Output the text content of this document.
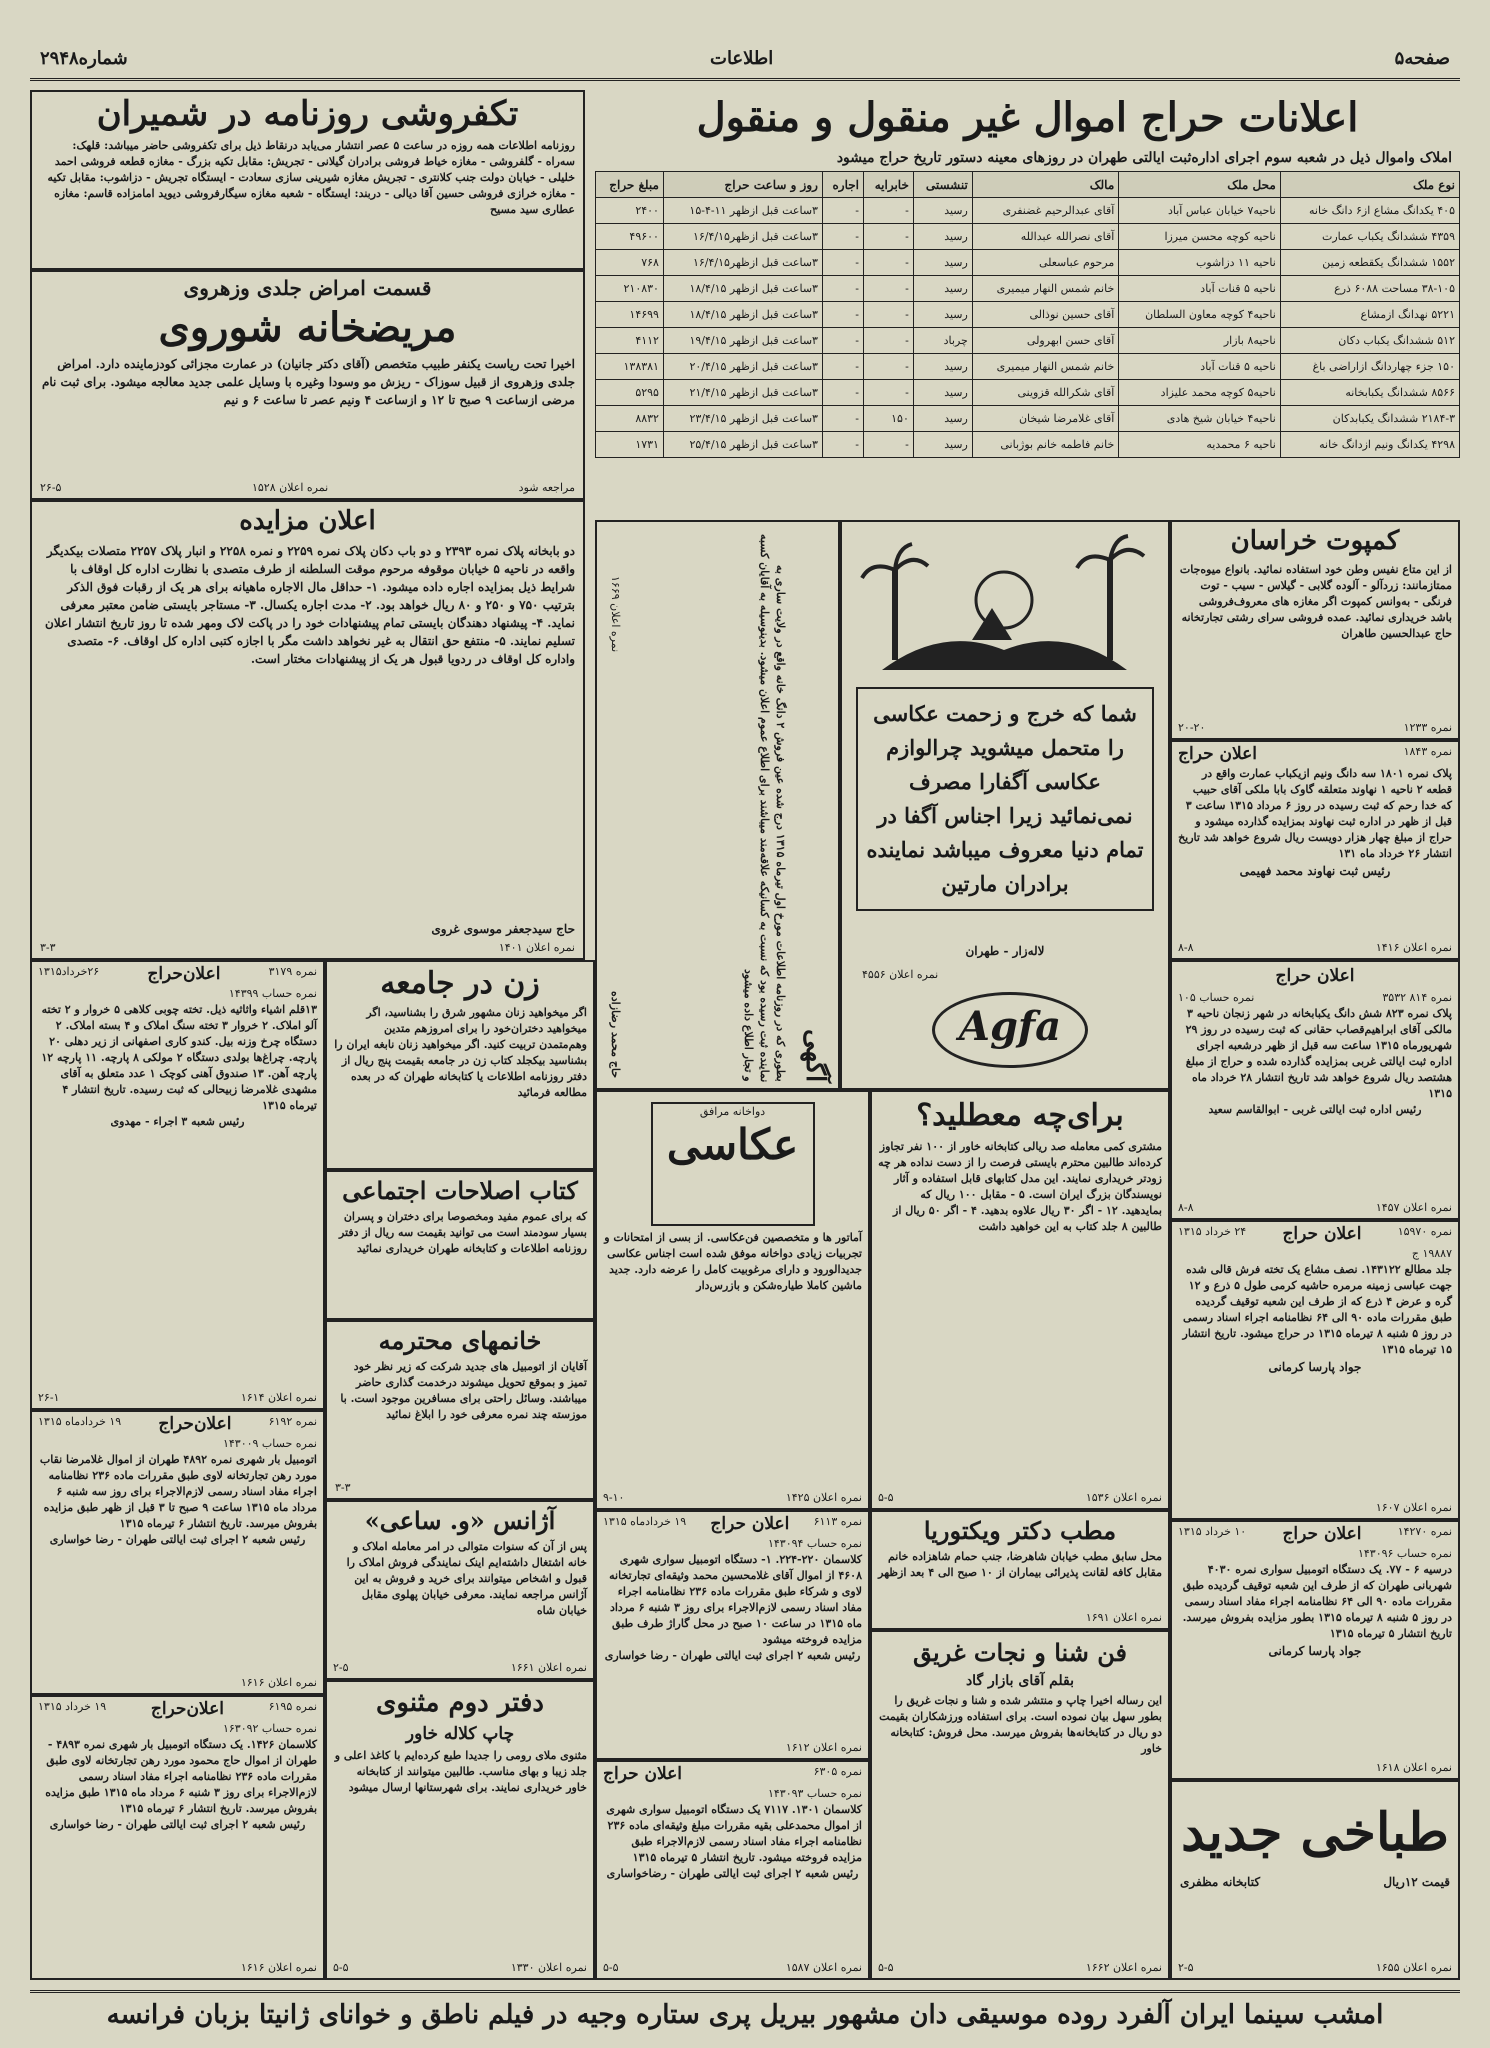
صفحه۵
اطلاعات
شماره۲۹۴۸
اعلانات حراج اموال غیر منقول و منقول
املاک واموال ذیل در شعبه سوم اجرای اداره‌ثبت ایالتی طهران در روزهای معینه دستور تاریخ حراج میشود
نوع ملک	محل ملک	مالک	تنشستی	خابرایه	اجاره	روز و ساعت حراج	مبلغ حراج
۴۰۵ یکدانگ مشاع از۶ دانگ خانه	ناحیه۷ خیابان عباس آباد	آقای عبدالرحیم غضنفری	رسید	-	-	۳ساعت قبل ازظهر ۱۱-۴-۱۵	۲۴۰۰
۴۳۵۹ ششدانگ یکباب عمارت	ناحیه کوچه محسن میرزا	آقای نصرالله عبدالله	رسید	-	-	۳ساعت قبل ازظهر۱۶/۴/۱۵	۴۹۶۰۰
۱۵۵۲ ششدانگ یکقطعه زمین	ناحیه ۱۱ دزاشوب	مرحوم عباسعلی	رسید	-	-	۳ساعت قبل ازظهر۱۶/۴/۱۵	۷۶۸
۳۸-۱۰۵ مساحت ۶۰۸۸ ذرع	ناحیه ۵ قنات آباد	خانم شمس النهار میمیری	رسید	-	-	۳ساعت قبل ازظهر ۱۸/۴/۱۵	۲۱۰۸۳۰
۵۲۲۱ نهدانگ ازمشاع	ناحیه۴ کوچه معاون السلطان	آقای حسین نوذالی	رسید	-	-	۳ساعت قبل ازظهر ۱۸/۴/۱۵	۱۴۶۹۹
۵۱۲ ششدانگ یکباب دکان	ناحیه۸ بازار	آقای حسن ابهرولی	چرباد	-	-	۳ساعت قبل ازظهر ۱۹/۴/۱۵	۴۱۱۲
۱۵۰ جزء چهاردانگ ازاراضی باغ	ناحیه ۵ قنات آباد	خانم شمس النهار میمیری	رسید	-	-	۳ساعت قبل ازظهر ۲۰/۴/۱۵	۱۳۸۳۸۱
۸۵۶۶ ششدانگ یکبابخانه	ناحیه۵ کوچه محمد علیزاد	آقای شکرالله قزوینی	رسید	-	-	۳ساعت قبل ازظهر ۲۱/۴/۱۵	۵۲۹۵
۲۱۸۴-۳ ششدانگ یکبابدکان	ناحیه۴ خیابان شیخ هادی	آقای غلامرضا شیخان	رسید	۱۵۰	-	۳ساعت قبل ازظهر ۲۳/۴/۱۵	۸۸۳۲
۴۲۹۸ یکدانگ ونیم ازدانگ خانه	ناحیه ۶ محمدیه	خانم فاطمه خانم بوژبانی	رسید	-	-	۳ساعت قبل ازظهر ۲۵/۴/۱۵	۱۷۳۱
تکفروشی روزنامه در شمیران
روزنامه اطلاعات همه روزه در ساعت ۵ عصر انتشار می‌یابد درنقاط ذیل برای تکفروشی حاضر میباشد: قلهک: سه‌راه - گلفروشی - مغازه خیاط فروشی برادران گیلانی - تجریش: مقابل تکیه بزرگ - مغازه قطعه فروشی احمد خلیلی - خیابان دولت جنب کلانتری - تجریش مغازه شیرینی سازی سعادت - ایستگاه تجریش - دزاشوب: مقابل تکیه - مغازه خرازی فروشی حسین آقا دیالی - دربند: ایستگاه - شعبه مغازه سیگارفروشی دیوید امامزاده قاسم: مغازه عطاری سید مسیح
قسمت امراض جلدی وزهروی
مریضخانه شوروی
اخیرا تحت ریاست یکنفر طبیب متخصص (آقای دکتر جانیان) در عمارت مجزائی کودزماینده دارد. امراض جلدی وزهروی از قبیل سوزاک - ریزش مو وسودا وغیره با وسایل علمی جدید معالجه میشود. برای ثبت نام مرضی ازساعت ۹ صبح تا ۱۲ و ازساعت ۴ ونیم عصر تا ساعت ۶ و نیم
مراجعه شود
نمره اعلان ۱۵۲۸
۲۶-۵
اعلان مزایده
دو بابخانه پلاک نمره ۲۳۹۳ و دو باب دکان پلاک نمره ۲۲۵۹ و نمره ۲۲۵۸ و انبار پلاک ۲۲۵۷ متصلات بیکدیگر واقعه در ناحیه ۵ خیابان موقوفه مرحوم موقت السلطنه از طرف متصدی با نظارت اداره کل اوقاف با شرایط ذیل بمزایده اجاره داده میشود. ۱- حداقل مال الاجاره ماهیانه برای هر یک از رقبات فوق الذکر بترتیب ۷۵۰ و ۲۵۰ و ۸۰ ریال خواهد بود. ۲- مدت اجاره یکسال. ۳- مستاجر بایستی ضامن معتبر معرفی نماید. ۴- پیشنهاد دهندگان بایستی تمام پیشنهادات خود را در پاکت لاک ومهر شده تا روز تاریخ انتشار اعلان تسلیم نمایند. ۵- منتفع حق انتقال به غیر نخواهد داشت مگر با اجازه کتبی اداره کل اوقاف. ۶- متصدی واداره کل اوقاف در ردویا قبول هر یک از پیشنهادات مختار است.
حاج سیدجعفر موسوی غروی
نمره اعلان ۱۴۰۱
۳-۳
کمپوت خراسان
از این متاع نفیس وطن خود استفاده نمائید. بانواع میوه‌جات ممتازمانند: زردآلو - آلوده گلابی - گیلاس - سیب - توت فرنگی - به‌وانس کمپوت اگر مغازه های معروف‌فروشی باشد خریداری نمائید. عمده فروشی سرای رشتی تجارتخانه حاج عبدالحسین طاهران
نمره ۱۲۳۳
۲۰-۲۰
نمره ۱۸۴۳
اعلان حراج
پلاک نمره ۱۸۰۱ سه دانگ ونیم ازیکباب عمارت واقع در قطعه ۲ ناحیه ۱ نهاوند متعلقه گاوک بابا ملکی آقای حبیب که خدا رحم که ثبت رسیده در روز ۶ مرداد ۱۳۱۵ ساعت ۳ قبل از ظهر در اداره ثبت نهاوند بمزایده گذارده میشود و حراج از مبلغ چهار هزار دویست ریال شروع خواهد شد تاریخ انتشار ۲۶ خرداد ماه ۱۳۱
رئیس ثبت نهاوند محمد فهیمی
نمره اعلان ۱۴۱۶
۸-۸
اعلان حراج
نمره ۸۱۴ ۳۵۳۲
نمره حساب ۱۰۵
پلاک نمره ۸۲۳ شش دانگ یکبابخانه در شهر زنجان ناحیه ۳ مالکی آقای ابراهیم‌قصاب حقانی که ثبت رسیده در روز ۲۹ شهریورماه ۱۳۱۵ ساعت سه قبل از ظهر درشعبه اجرای اداره ثبت ایالتی غربی بمزایده گذارده شده و حراج از مبلغ هشتصد ریال شروع خواهد شد تاریخ انتشار ۲۸ خرداد ماه ۱۳۱۵
رئیس اداره ثبت ایالتی غربی - ابوالقاسم سعید
نمره اعلان ۱۴۵۷
۸-۸
شما که خرج و زحمت عکاسی را متحمل میشوید چرالوازم عکاسی آگفارا مصرف نمی‌نمائید زیرا اجناس آگفا در تمام دنیا معروف میباشد نماینده برادران مارتین
لاله‌زار - طهران
نمره اعلان ۴۵۵۶
Agfa
آگهی
بطوری که در روزنامه اطلاعات مورخ اول تیرماه ۱۳۱۵ درج شده عین فروش ۲ دانگ خانه واقع در ولایت ساری به نماینده ثبت رسیده بود که نسبت به کسانیکه علاقه‌مند میباشند برای اطلاع عموم اعلان میشود. بدینوسیله به آقایان کسبه و تجار اطلاع داده میشود
حاج محمد رضازاده
نمره اعلان ۱۶۶۹
برای‌چه معطلید؟
مشتری کمی معامله صد ریالی کتابخانه خاور از ۱۰۰ نفر تجاوز کرده‌اند طالبین محترم بایستی فرصت را از دست نداده هر چه زودتر خریداری نمایند. این مدل کتابهای قابل استفاده و آثار نویسندگان بزرگ ایران است. ۵ - مقابل ۱۰۰ ریال که بمایدهید. ۱۲ - اگر ۳۰ ریال علاوه بدهید. ۴ - اگر ۵۰ ریال از طالبین ۸ جلد کتاب به این خواهید داشت
نمره اعلان ۱۵۳۶
۵-۵
دواخانه مرافق
عکاسی
آماتور ها و متخصصین فن‌عکاسی. از بسی از امتحانات و تجربیات زیادی دواخانه موفق شده است اجناس عکاسی جدید‌الورود و دارای مرغوبیت کامل را عرضه دارد. جدید ماشین کاملا طیاره‌شکن و بازرس‌دار
نمره اعلان ۱۴۲۵
۹-۱۰
زن در جامعه
اگر میخواهید زنان مشهور شرق را بشناسید، اگر میخواهید دختران‌خود را برای امروزهم متدین وهم‌متمدن تربیت کنید. اگر میخواهید زنان نابغه ایران را بشناسید بیکجلد کتاب زن در جامعه بقیمت پنج ریال از دفتر روزنامه اطلاعات یا کتابخانه طهران که در بعده مطالعه فرمائید
کتاب اصلاحات اجتماعی
که برای عموم مفید ومخصوصا برای دختران و پسران بسیار سودمند است می توانید بقیمت سه ریال از دفتر روزنامه اطلاعات و کتابخانه طهران خریداری نمائید
خانمهای محترمه
آقایان از اتومبیل های جدید شرکت که زیر نظر خود تمیز و بموقع تحویل میشوند درخدمت گذاری حاضر میباشند. وسائل راحتی برای مسافرین موجود است. با موزسته چند نمره معرفی خود را ابلاغ نمائید
۳-۳
آژانس «و. ساعی»
پس از آن که سنوات متوالی در امر معامله املاک و خانه اشتغال داشته‌ایم اینک نمایندگی فروش املاک را قبول و اشخاص میتوانند برای خرید و فروش به این آژانس مراجعه نمایند. معرفی خیابان پهلوی مقابل خیابان شاه
نمره اعلان ۱۶۶۱
۲-۵
دفتر دوم مثنوی
چاپ کلاله خاور
مثنوی ملای رومی را جدیدا طبع کرده‌ایم با کاغذ اعلی و جلد زیبا و بهای مناسب. طالبین میتوانند از کتابخانه خاور خریداری نمایند. برای شهرستانها ارسال میشود
نمره اعلان ۱۳۳۰
۵-۵
نمره ۳۱۷۹
اعلان‌حراج
۲۶خرداد۱۳۱۵
نمره حساب ۱۴۳۹۹
۱۳قلم اشیاء واثاثیه ذیل. تخته‌ چوبی کلاهی ۵ خروار و ۲ تخته آلو املاک. ۲ خروار ۳ تخته سنگ املاک و ۴ بسته املاک. ۲ دستگاه چرخ وزنه بیل. کندو کاری اصفهانی از زیر دهلی ۲۰ پارچه. چراغ‌ها بولدی دستگاه ۲ مولکی ۸ پارچه. ۱۱ پارچه ۱۲ پارچه آهن. ۱۳ صندوق آهنی کوچک ۱ عدد متعلق به آقای مشهدی غلامرضا زبیحالی که ثبت رسیده. تاریخ انتشار ۴ تیرماه ۱۳۱۵
رئیس شعبه ۳ اجراء - مهدوی
نمره اعلان ۱۶۱۴
۲۶-۱
نمره ۶۱۹۲
اعلان‌حراج
۱۹ خردادماه ۱۳۱۵
نمره حساب ۱۴۳۰۰۹
اتومبیل بار شهری نمره ۴۸۹۲ طهران از اموال غلامرضا نقاب مورد رهن تجارتخانه لاوی طبق مقررات ماده ۲۳۶ نظامنامه اجراء مفاد اسناد رسمی لازم‌الاجراء برای روز سه شنبه ۶ مرداد ماه ۱۳۱۵ ساعت ۹ صبح تا ۳ قبل از ظهر طبق مزایده بفروش میرسد. تاریخ انتشار ۶ تیرماه ۱۳۱۵
رئیس شعبه ۲ اجرای ثبت ایالتی طهران - رضا خواساری
نمره اعلان ۱۶۱۶
نمره ۶۱۹۵
اعلان‌حراج
۱۹ خرداد ۱۳۱۵
نمره حساب ۱۶۳۰۹۲
کلاسمان ۱۴۲۶. یک دستگاه اتومبیل بار شهری نمره ۴۸۹۳ - طهران از اموال حاج محمود مورد رهن تجارتخانه لاوی طبق مقررات ماده ۲۳۶ نظامنامه اجراء مفاد اسناد رسمی لازم‌الاجراء برای روز ۳ شنبه ۶ مرداد ماه ۱۳۱۵ طبق مزایده بفروش میرسد. تاریخ انتشار ۶ تیرماه ۱۳۱۵
رئیس شعبه ۲ اجرای ثبت ایالتی طهران - رضا خواساری
نمره اعلان ۱۶۱۶
نمره ۶۱۱۳
اعلان حراج
۱۹ خردادماه ۱۳۱۵
نمره حساب ۱۴۳۰۹۴
کلاسمان ۲۲۰-۲۲۴. ۱- دستگاه اتومبیل سواری شهری ۴۶۰۸ از اموال آقای غلامحسین محمد وثیقه‌ای تجارتخانه لاوی و شرکاء طبق مقررات ماده ۲۳۶ نظامنامه اجراء مفاد اسناد رسمی لازم‌الاجراء برای روز ۳ شنبه ۶ مرداد ماه ۱۳۱۵ در ساعت ۱۰ صبح در محل گاراژ طرف طبق مزایده فروخته میشود
رئیس شعبه ۲ اجرای ثبت ایالتی طهران - رضا خواساری
نمره اعلان ۱۶۱۲
نمره ۶۳۰۵
اعلان حراج
نمره حساب ۱۴۳۰۹۳
کلاسمان ۱۳۰۱. ۷۱۱۷ یک دستگاه اتومبیل سواری شهری از اموال محمدعلی بقیه مقررات مبلغ وثیقه‌ای ماده ۲۳۶ نظامنامه اجراء مفاد اسناد رسمی لازم‌الاجراء طبق مزایده فروخته میشود. تاریخ انتشار ۵ تیرماه ۱۳۱۵
رئیس شعبه ۲ اجرای ثبت ایالتی طهران - رضاخواساری
نمره اعلان ۱۵۸۷
۵-۵
مطب دکتر ویکتوریا
محل سابق مطب خیابان شاهرضا، جنب حمام شاهزاده خانم مقابل کافه لقانت پذیرائی بیماران از ۱۰ صبح الی ۴ بعد ازظهر
نمره اعلان ۱۶۹۱
فن شنا و نجات غریق
بقلم آقای بازار گاد
این رساله اخیرا چاپ و منتشر شده و شنا و نجات غریق را بطور سهل بیان نموده است. برای استفاده ورزشکاران بقیمت دو ریال در کتابخانه‌ها بفروش میرسد. محل فروش: کتابخانه خاور
نمره اعلان ۱۶۶۲
۵-۵
نمره ۱۵۹۷۰
اعلان حراج
۲۴ خرداد ۱۳۱۵
۱۹۸۸۷ ج
جلد مطالع ۱۴۳۱۲۲. نصف مشاع یک تخته فرش قالی شده جهت عباسی زمینه مرمره حاشیه کرمی طول ۵ ذرع و ۱۲ گره و عرض ۴ ذرع که از طرف این شعبه توقیف گردیده طبق مقررات ماده ۹۰ الی ۶۴ نظامنامه اجراء اسناد رسمی در روز ۵ شنبه ۸ تیرماه ۱۳۱۵ در حراج میشود. تاریخ انتشار ۱۵ تیرماه ۱۳۱۵
جواد پارسا کرمانی
نمره اعلان ۱۶۰۷
نمره ۱۴۲۷۰
اعلان حراج
۱۰ خرداد ۱۳۱۵
نمره حساب ۱۴۳۰۹۶
درسیه ۶ - ۷۷. یک دستگاه اتومبیل سواری نمره ۴۰۳۰ شهربانی طهران که از طرف این شعبه توقیف گردیده طبق مقررات ماده ۹۰ الی ۶۴ نظامنامه اجراء مفاد اسناد رسمی در روز ۵ شنبه ۸ تیرماه ۱۳۱۵ بطور مزایده بفروش میرسد. تاریخ انتشار ۵ تیرماه ۱۳۱۵
جواد پارسا کرمانی
نمره اعلان ۱۶۱۸
طباخی جدید
قیمت ۱۲ریال
کتابخانه مظفری
نمره اعلان ۱۶۵۵
۲-۵
امشب سینما ایران آلفرد روده موسیقی دان مشهور بیریل پری ستاره وجیه در فیلم ناطق و خوانای ژانیتا بزبان فرانسه
